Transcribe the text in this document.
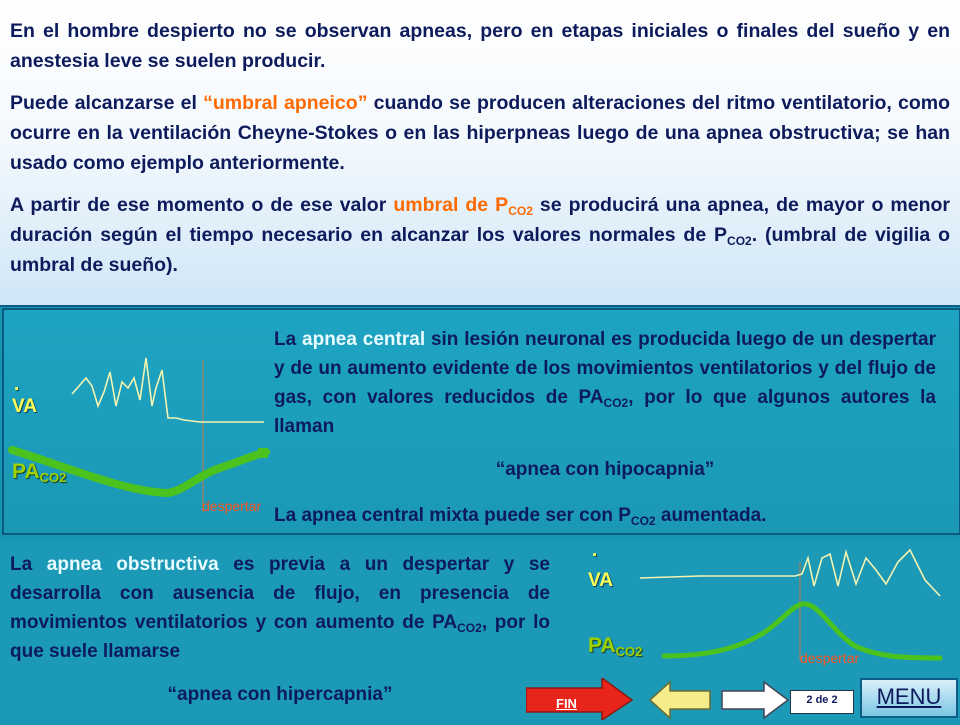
En el hombre despierto no se observan apneas, pero en etapas iniciales o finales del sueño y en anestesia leve se suelen producir.

Puede alcanzarse el “umbral apneico” cuando se producen alteraciones del ritmo ventilatorio, como ocurre en la ventilación Cheyne-Stokes o en las hiperpneas luego de una apnea obstructiva; se han usado como ejemplo anteriormente.

A partir de ese momento o de ese valor umbral de $P_{CO2}$ se producirá una apnea, de mayor o menor duración según el tiempo necesario en alcanzar los valores normales de $P_{CO2}$. (umbral de vigilia o umbral de sueño).

.
VA
$PA_{CO2}$
despertar

La apnea central sin lesión neuronal es producida luego de un despertar y de un aumento evidente de los movimientos ventilatorios y del flujo de gas, con valores reducidos de $PA_{CO2}$, por lo que algunos autores la llaman

“apnea con hipocapnia”

La apnea central mixta puede ser con $P_{CO2}$ aumentada.

La apnea obstructiva es previa a un despertar y se desarrolla con ausencia de flujo, en presencia de movimientos ventilatorios y con aumento de $PA_{CO2}$, por lo que suele llamarse

“apnea con hipercapnia”

.
VA
$PA_{CO2}$	despertar
FIN	2 de 2	MENU
